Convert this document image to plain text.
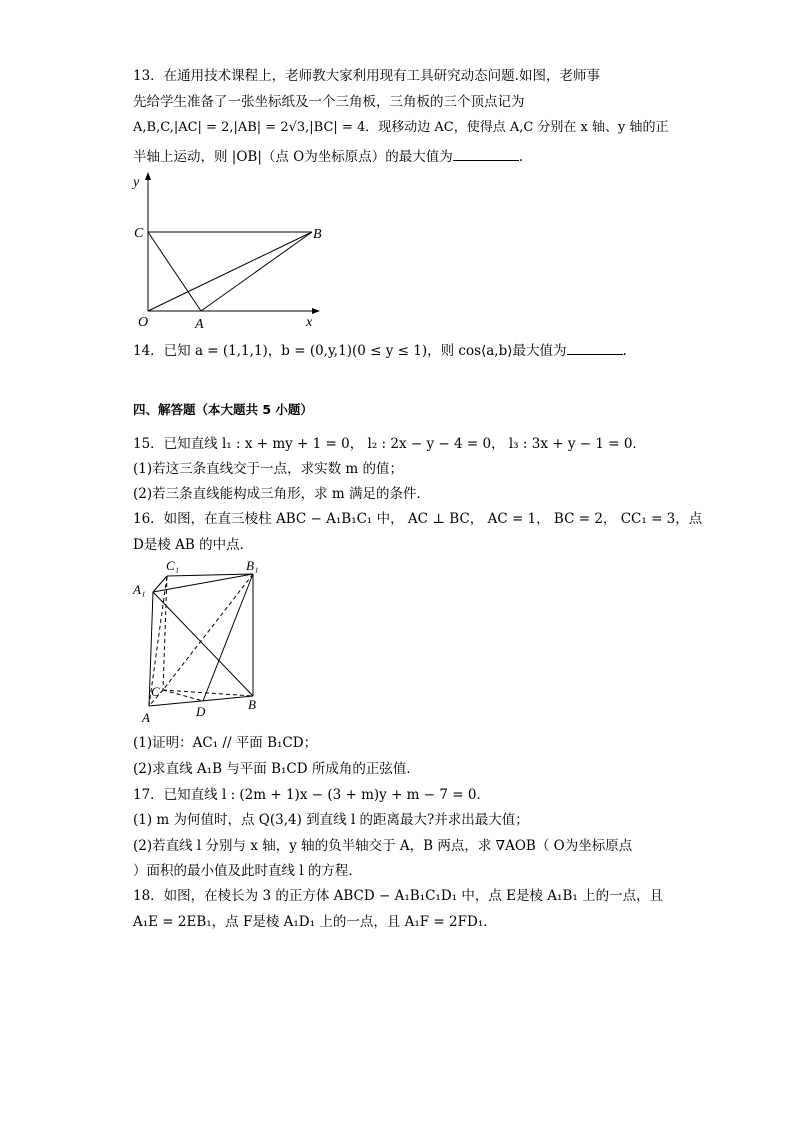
13．在通用技术课程上，老师教大家利用现有工具研究动态问题.如图，老师事
先给学生准备了一张坐标纸及一个三角板，三角板的三个顶点记为
A,B,C,|AC| = 2,|AB| = 2√3,|BC| = 4．现移动边 AC，使得点 A,C 分别在 x 轴、y 轴的正
半轴上运动，则 |OB|（点 O为坐标原点）的最大值为	.
y
C	B
O	A	x
14．已知 a = (1,1,1)，b = (0,y,1)(0 ≤ y ≤ 1)，则 cos⟨a,b⟩最大值为	.
四、解答题（本大题共 5 小题）
15．已知直线 l₁ : x + my + 1 = 0， l₂ : 2x − y − 4 = 0， l₃ : 3x + y − 1 = 0．
(1)若这三条直线交于一点，求实数 m 的值；
(2)若三条直线能构成三角形，求 m 满足的条件．
16．如图，在直三棱柱 ABC − A₁B₁C₁ 中， AC ⊥ BC， AC = 1， BC = 2， CC₁ = 3，点
D是棱 AB 的中点．
C₁	B₁
A₁
C
A	D	B
(1)证明：AC₁ // 平面 B₁CD；
(2)求直线 A₁B 与平面 B₁CD 所成角的正弦值．
17．已知直线 l : (2m + 1)x − (3 + m)y + m − 7 = 0．
(1) m 为何值时，点 Q(3,4) 到直线 l 的距离最大?并求出最大值；
(2)若直线 l 分别与 x 轴，y 轴的负半轴交于 A，B 两点，求 ∇AOB（ O为坐标原点
）面积的最小值及此时直线 l 的方程．
18．如图，在棱长为 3 的正方体 ABCD − A₁B₁C₁D₁ 中，点 E是棱 A₁B₁ 上的一点，且
A₁E = 2EB₁，点 F是棱 A₁D₁ 上的一点，且 A₁F = 2FD₁．
